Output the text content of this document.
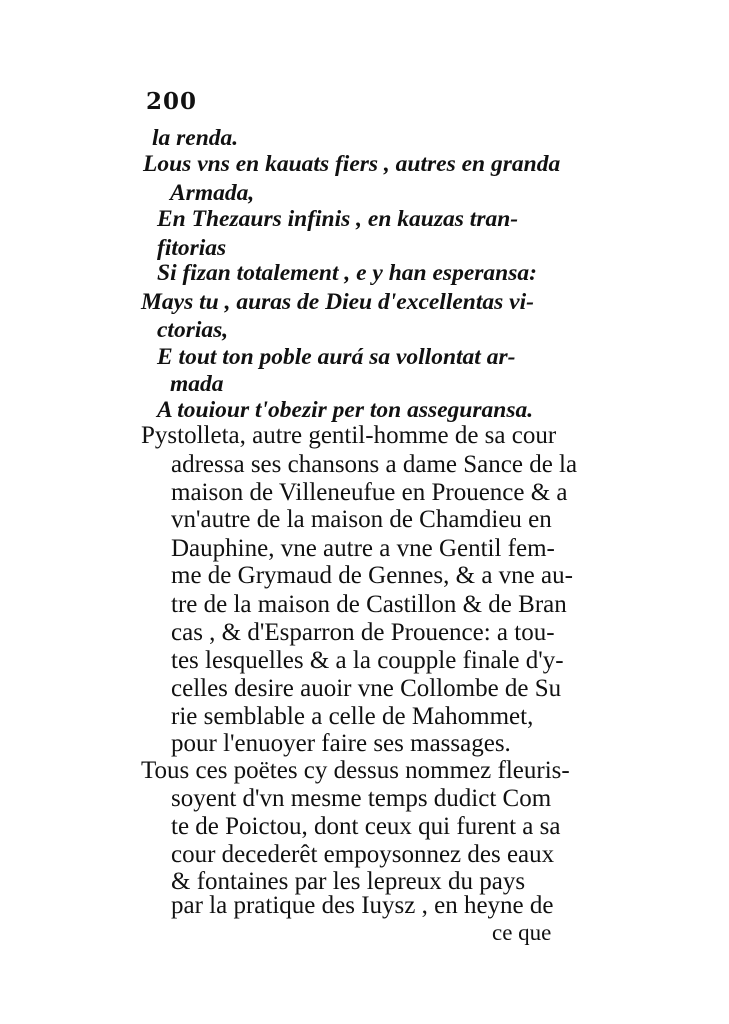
200
la renda.
Lous vns en kauats fiers , autres en granda
Armada,
En Thezaurs infinis , en kauzas tran-
fitorias
Si fizan totalement , e y han esperansa:
Mays tu , auras de Dieu d'excellentas vi-
ctorias,
E tout ton poble aurá sa vollontat ar-
mada
A touiour t'obezir per ton asseguransa.
Pystolleta, autre gentil-homme de sa cour
adressa ses chansons a dame Sance de la
maison de Villeneufue en Prouence & a
vn'autre de la maison de Chamdieu en
Dauphine, vne autre a vne Gentil fem-
me de Grymaud de Gennes, & a vne au-
tre de la maison de Castillon & de Bran
cas , & d'Esparron de Prouence: a tou-
tes lesquelles & a la coupple finale d'y-
celles desire auoir vne Collombe de Su
rie semblable a celle de Mahommet,
pour l'enuoyer faire ses massages.
Tous ces poëtes cy dessus nommez fleuris-
soyent d'vn mesme temps dudict Com
te de Poictou, dont ceux qui furent a sa
cour decederêt empoysonnez des eaux
& fontaines par les lepreux du pays
par la pratique des Iuysz , en heyne de
ce que
